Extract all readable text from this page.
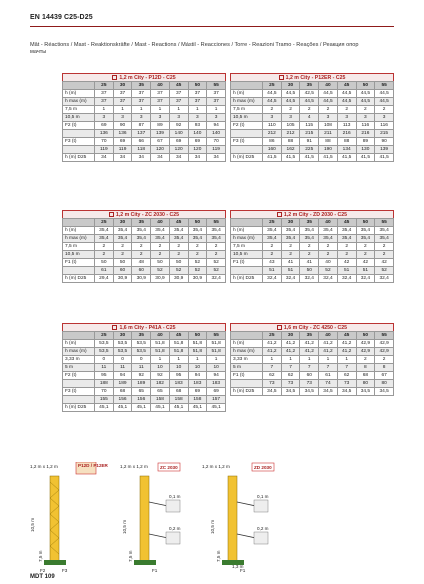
EN 14439 C25-D25
Mât - Réactions / Mast - Reaktionskräfte / Mast - Reactions / Mástil - Reacciones / Torre - Reazioni Tramo - Reações / Реакция опор мачты
1,2 m City - P12D - C25
	25	30	35	40	45	50	55
h (m)	37	37	37	37	37	37	37
h max (m)	37	37	37	37	37	37	37
7,5 m	1	1	1	1	1	1	1
10,5 m	3	3	3	3	3	3	3
F2 (t)	69	90	87	89	92	93	94
	136	136	137	139	140	140	140
F3 (t)	70	69	66	67	69	69	70
	119	119	118	120	120	120	119
h (m) D25	34	34	34	34	34	34	34
1,2 m City - P12ER - C25
	25	30	35	40	45	50	55
h (m)	44,5	44,5	42,5	44,5	44,5	44,5	44,5
h max (m)	44,5	44,5	44,5	44,5	44,5	44,5	44,5
7,5 m	2	2	2	2	2	2	2
10,5 m	3	3	4	3	3	3	3
F2 (t)	110	105	115	108	113	116	116
	212	212	215	211	216	216	215
F3 (t)	86	88	91	88	88	89	90
	160	162	225	190	134	130	139
h (m) D25	41,5	41,5	41,5	41,5	41,5	41,5	41,5
1,2 m City - ZC 2030 - C25
	25	30	35	40	45	50	55
h (m)	35,4	35,4	35,4	35,4	35,4	35,4	35,4
h max (m)	35,4	35,4	35,4	35,4	35,4	35,4	35,4
7,5 m	2	2	2	2	2	2	2
10,5 m	2	2	2	2	2	2	2
F1 (t)	50	50	48	50	50	52	52
	61	60	60	52	52	52	52
h (m) D25	29,4	30,9	30,9	30,9	30,9	30,9	32,4
1,2 m City - ZD 2030 - C25
	25	30	35	40	45	50	55
h (m)	35,4	35,4	35,4	35,4	35,4	35,4	35,4
h max (m)	35,4	35,4	35,4	35,4	35,4	35,4	35,4
7,5 m	2	2	2	2	2	2	2
10,5 m	2	2	2	2	2	2	2
F1 (t)	43	41	41	40	42	42	42
	51	51	50	52	51	51	52
h (m) D25	32,4	32,4	32,4	32,4	32,4	32,4	32,4
1,6 m City - P41A - C25
	25	30	35	40	45	50	55
h (m)	53,5	53,5	53,5	51,8	51,8	51,8	51,8
h max (m)	53,5	53,5	53,5	51,8	51,8	51,8	51,8
3,33 m	0	0	0	1	1	1	1
5 m	11	11	11	10	10	10	10
F2 (t)	95	94	92	92	95	94	94
	188	189	189	182	183	183	183
F3 (t)	70	68	65	65	68	69	69
	155	156	156	158	158	158	157
h (m) D25	45,1	45,1	45,1	45,1	45,1	45,1	45,1
1,6 m City - ZC 4250 - C25
	25	30	35	40	45	50	55
h (m)	41,2	41,2	41,2	41,2	41,2	42,9	42,9
h max (m)	41,2	41,2	41,2	41,2	41,2	42,9	42,9
3,33 m	1	1	1	1	1	2	2
5 m	7	7	7	7	7	8	8
F1 (t)	62	62	60	61	62	68	67
	73	73	73	74	73	80	80
h (m) D25	34,5	34,5	34,5	34,5	34,5	34,5	34,5
1,2 m x 1,2 m	P12D / P12ER
10,5 m
7,5 m
F2	F3
1,2 m x 1,2 m	ZC 2030
10,5 m
7,5 m
0,1 m
0,2 m
F1
1,2 m x 1,2 m	ZD 2030
10,5 m
7,5 m
0,1 m
0,2 m
1,3 m
F1
MDT 109
